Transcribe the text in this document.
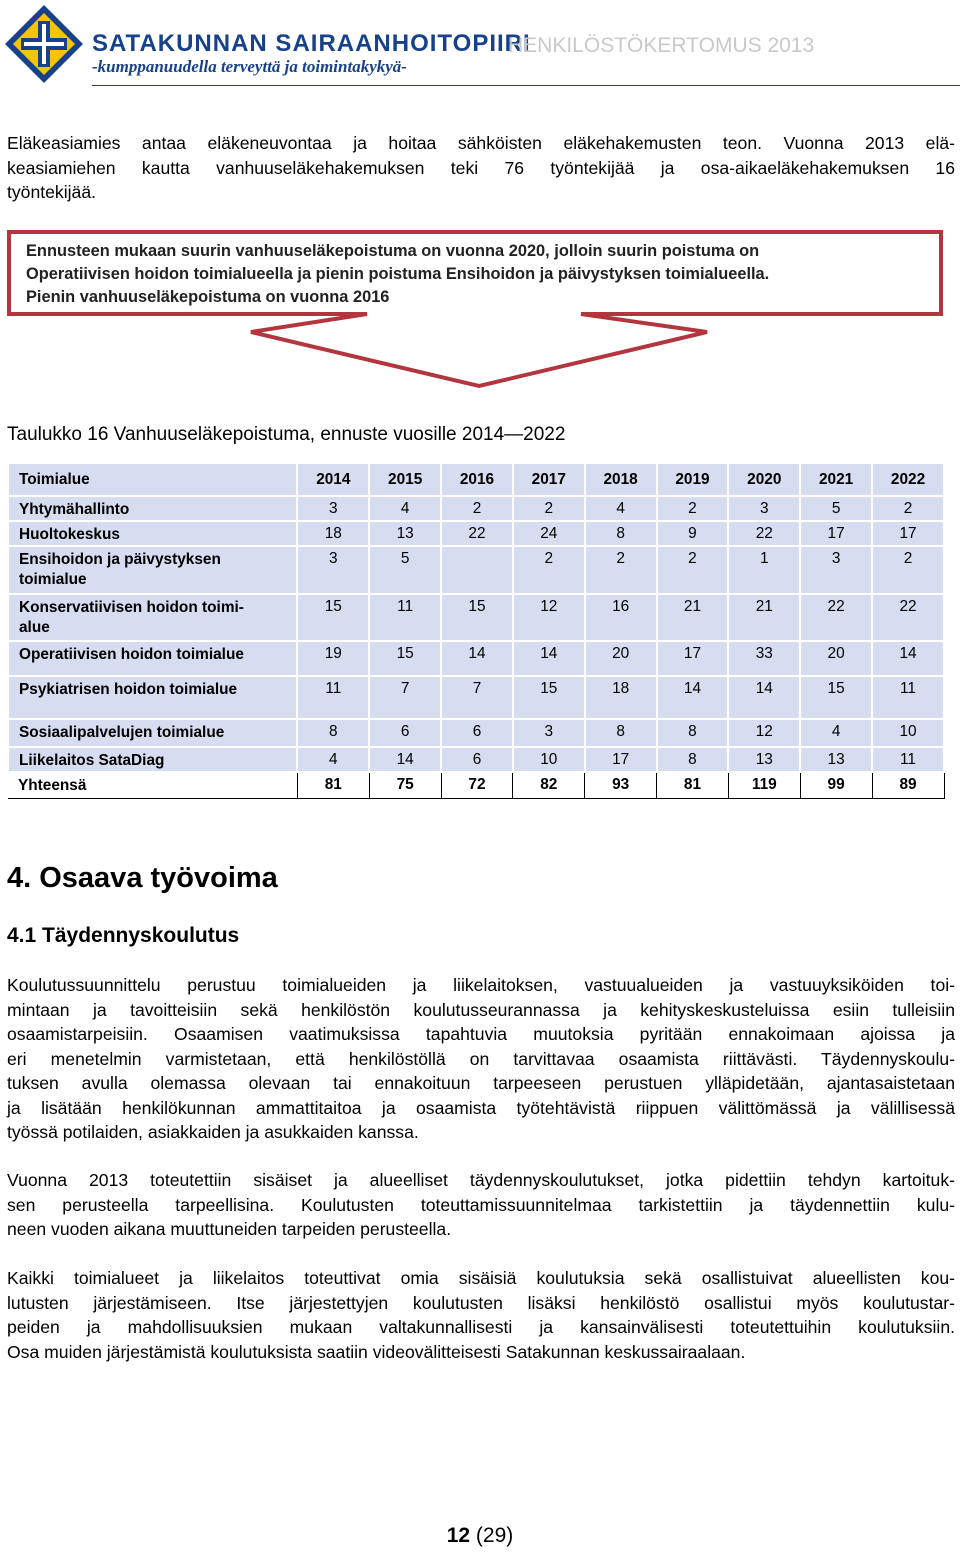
SATAKUNNAN SAIRAANHOITOPIIRI
-kumppanuudella terveyttä ja toimintakykyä-
HENKILÖSTÖKERTOMUS 2013
Eläkeasiamies antaa eläkeneuvontaa ja hoitaa sähköisten eläkehakemusten teon. Vuonna 2013 elä-
keasiamiehen kautta vanhuuseläkehakemuksen teki 76 työntekijää ja osa-aikaeläkehakemuksen 16
työntekijää.
Ennusteen mukaan suurin vanhuuseläkepoistuma on vuonna 2020, jolloin suurin poistuma on
Operatiivisen hoidon toimialueella ja pienin poistuma Ensihoidon ja päivystyksen toimialueella.
Pienin vanhuuseläkepoistuma on vuonna 2016
Taulukko 16 Vanhuuseläkepoistuma, ennuste vuosille 2014—2022
Toimialue	2014	2015	2016	2017	2018	2019	2020	2021	2022
Yhtymähallinto	3	4	2	2	4	2	3	5	2
Huoltokeskus	18	13	22	24	8	9	22	17	17
Ensihoidon ja päivystyksen
toimialue	3	5		2	2	2	1	3	2
Konservatiivisen hoidon toimi-
alue	15	11	15	12	16	21	21	22	22
Operatiivisen hoidon toimialue	19	15	14	14	20	17	33	20	14
Psykiatrisen hoidon toimialue	11	7	7	15	18	14	14	15	11
Sosiaalipalvelujen toimialue	8	6	6	3	8	8	12	4	10
Liikelaitos SataDiag	4	14	6	10	17	8	13	13	11
Yhteensä	81	75	72	82	93	81	119	99	89
4. Osaava työvoima
4.1 Täydennyskoulutus
Koulutussuunnittelu perustuu toimialueiden ja liikelaitoksen, vastuualueiden ja vastuuyksiköiden toi-
mintaan ja tavoitteisiin sekä henkilöstön koulutusseurannassa ja kehityskeskusteluissa esiin tulleisiin
osaamistarpeisiin. Osaamisen vaatimuksissa tapahtuvia muutoksia pyritään ennakoimaan ajoissa ja
eri menetelmin varmistetaan, että henkilöstöllä on tarvittavaa osaamista riittävästi. Täydennyskoulu-
tuksen avulla olemassa olevaan tai ennakoituun tarpeeseen perustuen ylläpidetään, ajantasaistetaan
ja lisätään henkilökunnan ammattitaitoa ja osaamista työtehtävistä riippuen välittömässä ja välillisessä
työssä potilaiden, asiakkaiden ja asukkaiden kanssa.
Vuonna 2013 toteutettiin sisäiset ja alueelliset täydennyskoulutukset, jotka pidettiin tehdyn kartoituk-
sen perusteella tarpeellisina. Koulutusten toteuttamissuunnitelmaa tarkistettiin ja täydennettiin kulu-
neen vuoden aikana muuttuneiden tarpeiden perusteella.
Kaikki toimialueet ja liikelaitos toteuttivat omia sisäisiä koulutuksia sekä osallistuivat alueellisten kou-
lutusten järjestämiseen. Itse järjestettyjen koulutusten lisäksi henkilöstö osallistui myös koulutustar-
peiden ja mahdollisuuksien mukaan valtakunnallisesti ja kansainvälisesti toteutettuihin koulutuksiin.
Osa muiden järjestämistä koulutuksista saatiin videovälitteisesti Satakunnan keskussairaalaan.
12 (29)
